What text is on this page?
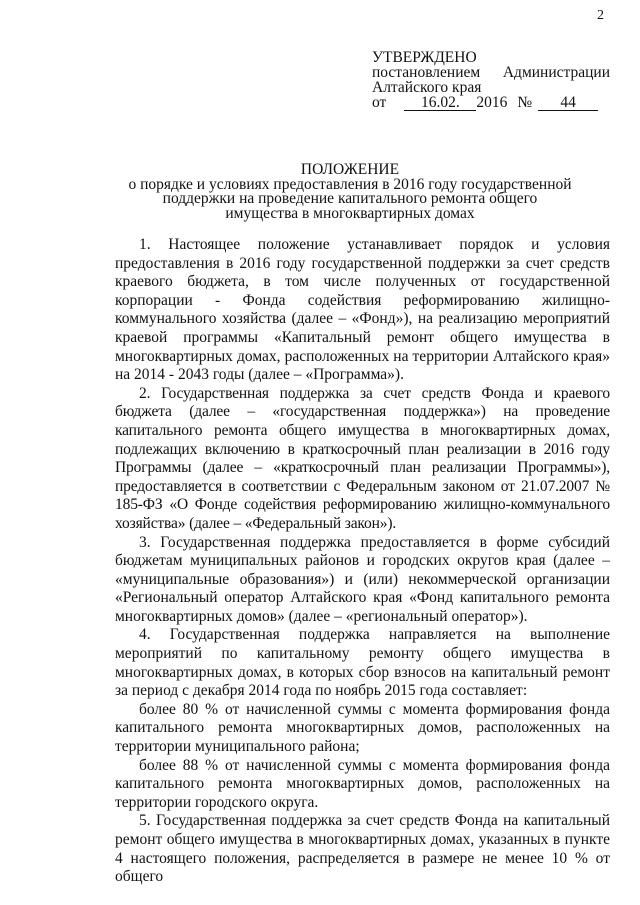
2
УТВЕРЖДЕНО
постановлением Администрации
Алтайского края
от	16.02.	2016 №	44
ПОЛОЖЕНИЕ
о порядке и условиях предоставления в 2016 году государственной
поддержки на проведение капитального ремонта общего
имущества в многоквартирных домах

1. Настоящее положение устанавливает порядок и условия предоставления в 2016 году государственной поддержки за счет средств краевого бюджета, в том числе полученных от государственной корпорации - Фонда содействия реформированию жилищно-коммунального хозяйства (далее – «Фонд»), на реализацию мероприятий краевой программы «Капитальный ремонт общего имущества в многоквартирных домах, расположенных на территории Алтайского края» на 2014 - 2043 годы (далее – «Программа»).

2. Государственная поддержка за счет средств Фонда и краевого бюджета (далее – «государственная поддержка») на проведение капитального ремонта общего имущества в многоквартирных домах, подлежащих включению в краткосрочный план реализации в 2016 году Программы (далее – «краткосрочный план реализации Программы»), предоставляется в соответствии с Федеральным законом от 21.07.2007 № 185-ФЗ «О Фонде содействия реформированию жилищно-коммунального хозяйства» (далее – «Федеральный закон»).

3. Государственная поддержка предоставляется в форме субсидий бюджетам муниципальных районов и городских округов края (далее – «муниципальные образования») и (или) некоммерческой организации «Региональный оператор Алтайского края «Фонд капитального ремонта многоквартирных домов» (далее – «региональный оператор»).

4. Государственная поддержка направляется на выполнение мероприятий по капитальному ремонту общего имущества в многоквартирных домах, в которых сбор взносов на капитальный ремонт за период с декабря 2014 года по ноябрь 2015 года составляет:

более 80 % от начисленной суммы с момента формирования фонда капитального ремонта многоквартирных домов, расположенных на территории муниципального района;

более 88 % от начисленной суммы с момента формирования фонда капитального ремонта многоквартирных домов, расположенных на территории городского округа.

5. Государственная поддержка за счет средств Фонда на капитальный ремонт общего имущества в многоквартирных домах, указанных в пункте 4 настоящего положения, распределяется в размере не менее 10 % от общего
